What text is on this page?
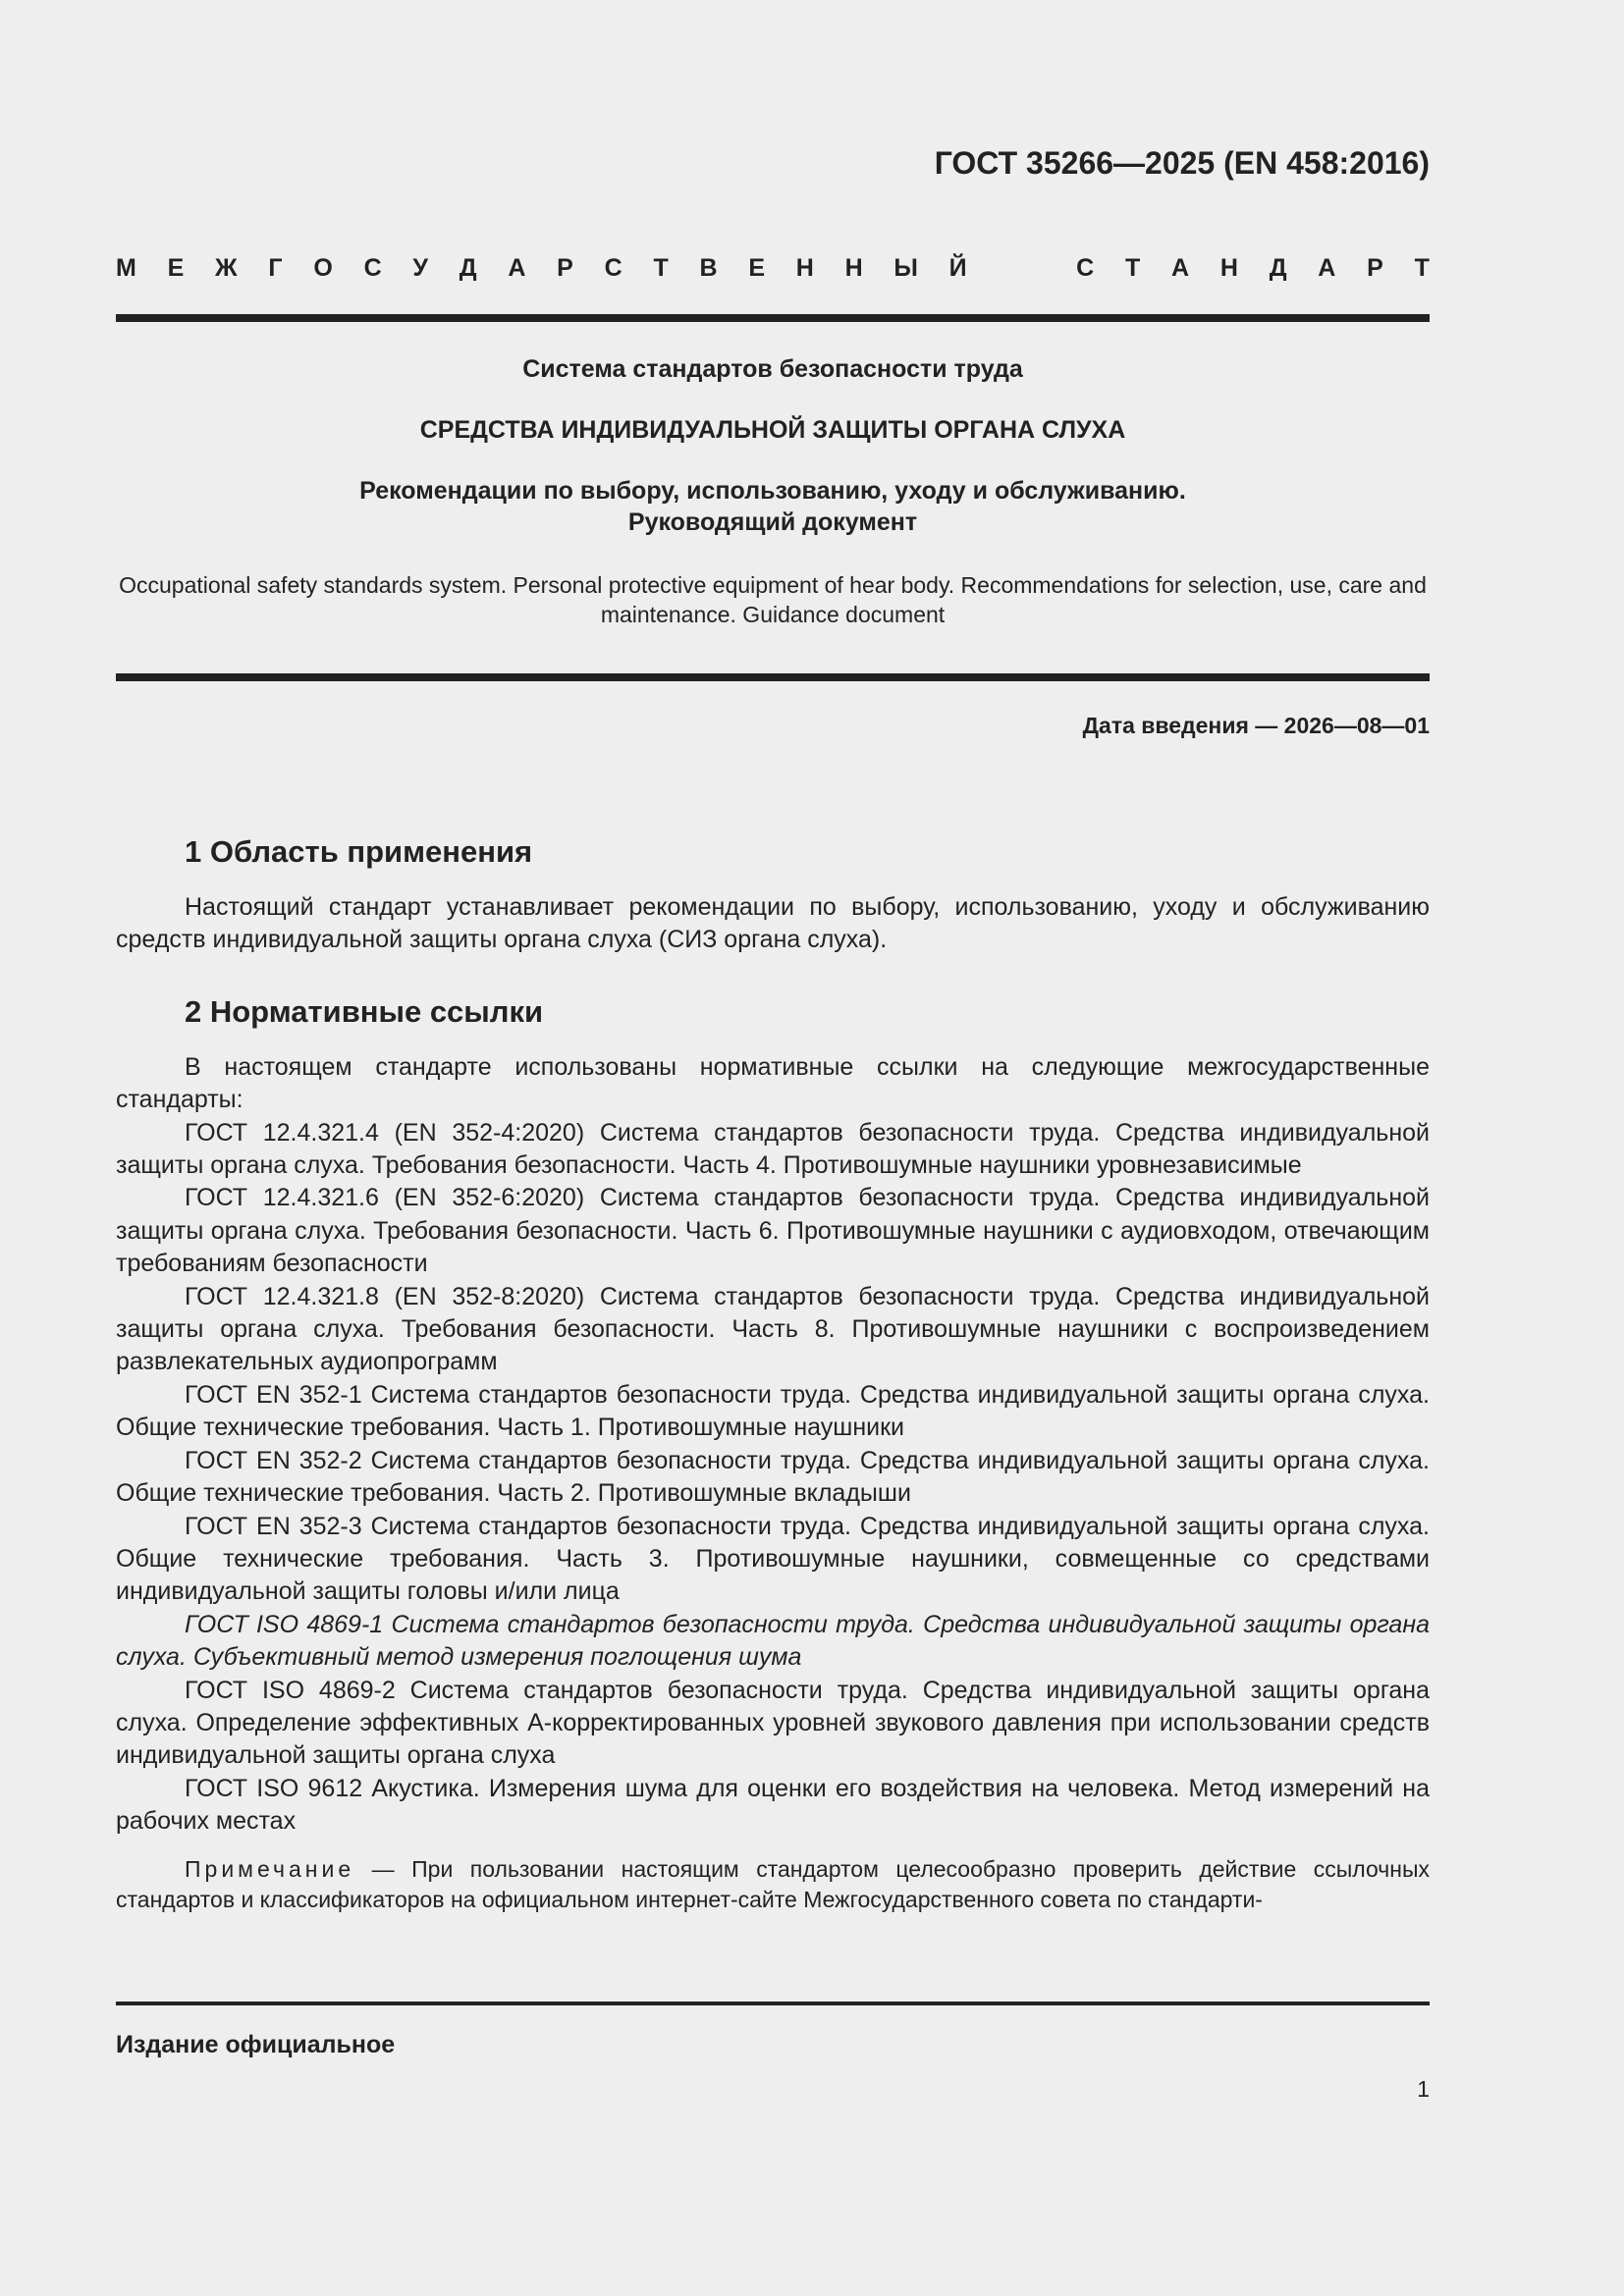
ГОСТ 35266—2025 (EN 458:2016)

М Е Ж Г О С У Д А Р С Т В Е Н Н Ы Й	С Т А Н Д А Р Т

Система стандартов безопасности труда

СРЕДСТВА ИНДИВИДУАЛЬНОЙ ЗАЩИТЫ ОРГАНА СЛУХА

Рекомендации по выбору, использованию, уходу и обслуживанию.
Руководящий документ

Occupational safety standards system. Personal protective equipment of hear body. Recommendations for selection, use, care and maintenance. Guidance document

Дата введения — 2026—08—01

1 Область применения

Настоящий стандарт устанавливает рекомендации по выбору, использованию, уходу и обслуживанию средств индивидуальной защиты органа слуха (СИЗ органа слуха).

2 Нормативные ссылки

В настоящем стандарте использованы нормативные ссылки на следующие межгосударственные стандарты:

ГОСТ 12.4.321.4 (EN 352-4:2020) Система стандартов безопасности труда. Средства индивидуальной защиты органа слуха. Требования безопасности. Часть 4. Противошумные наушники уровнезависимые

ГОСТ 12.4.321.6 (EN 352-6:2020) Система стандартов безопасности труда. Средства индивидуальной защиты органа слуха. Требования безопасности. Часть 6. Противошумные наушники с аудиовходом, отвечающим требованиям безопасности

ГОСТ 12.4.321.8 (EN 352-8:2020) Система стандартов безопасности труда. Средства индивидуальной защиты органа слуха. Требования безопасности. Часть 8. Противошумные наушники с воспроизведением развлекательных аудиопрограмм

ГОСТ EN 352-1 Система стандартов безопасности труда. Средства индивидуальной защиты органа слуха. Общие технические требования. Часть 1. Противошумные наушники

ГОСТ EN 352-2 Система стандартов безопасности труда. Средства индивидуальной защиты органа слуха. Общие технические требования. Часть 2. Противошумные вкладыши

ГОСТ EN 352-3 Система стандартов безопасности труда. Средства индивидуальной защиты органа слуха. Общие технические требования. Часть 3. Противошумные наушники, совмещенные со средствами индивидуальной защиты головы и/или лица

ГОСТ ISO 4869-1 Система стандартов безопасности труда. Средства индивидуальной защиты органа слуха. Субъективный метод измерения поглощения шума

ГОСТ ISO 4869-2 Система стандартов безопасности труда. Средства индивидуальной защиты органа слуха. Определение эффективных А-корректированных уровней звукового давления при использовании средств индивидуальной защиты органа слуха

ГОСТ ISO 9612 Акустика. Измерения шума для оценки его воздействия на человека. Метод измерений на рабочих местах

Примечание — При пользовании настоящим стандартом целесообразно проверить действие ссылочных стандартов и классификаторов на официальном интернет-сайте Межгосударственного совета по стандарти-

Издание официальное

1
